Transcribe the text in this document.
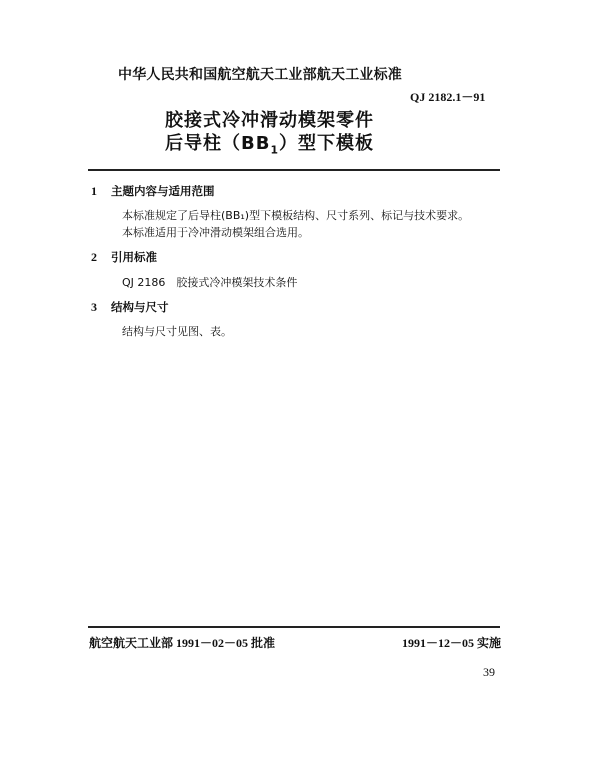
中华人民共和国航空航天工业部航天工业标准
QJ 2182.1－91
胶接式冷冲滑动模架零件
后导柱$(BB_1)$型下模板
1 主题内容与适用范围
本标准规定了后导柱(BB₁)型下模板结构、尺寸系列、标记与技术要求。
本标准适用于冷冲滑动模架组合选用。
2 引用标准
QJ 2186　胶接式冷冲模架技术条件
3 结构与尺寸
结构与尺寸见图、表。
航空航天工业部 1991－02－05 批准	1991－12－05 实施
39
